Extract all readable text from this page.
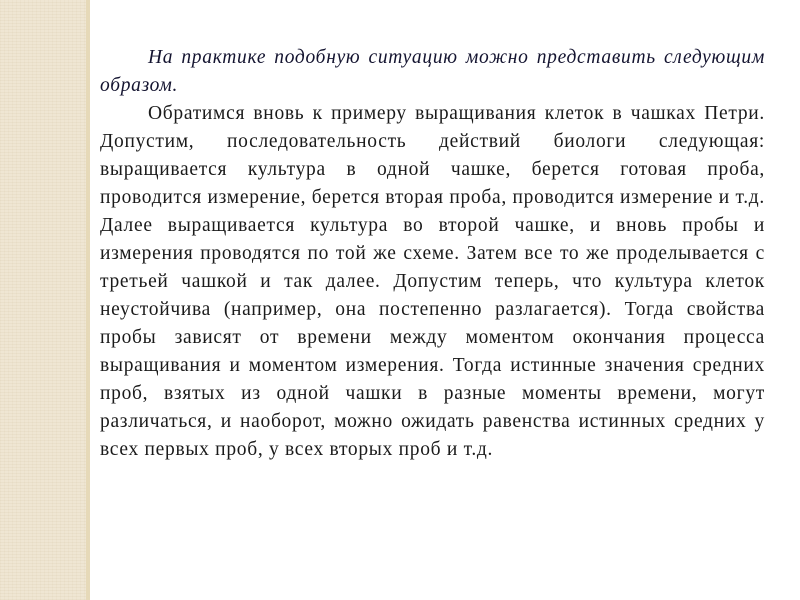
На практике подобную ситуацию можно представить следующим образом.

Обратимся вновь к примеру выращивания клеток в чашках Петри. Допустим, последовательность действий биологи следующая: выращивается культура в одной чашке, берется готовая проба, проводится измерение, берется вторая проба, проводится измерение и т.д. Далее выращивается культура во второй чашке, и вновь пробы и измерения проводятся по той же схеме. Затем все то же проделывается с третьей чашкой и так далее. Допустим теперь, что культура клеток неустойчива (например, она постепенно разлагается). Тогда свойства пробы зависят от времени между моментом окончания процесса выращивания и моментом измерения. Тогда истинные значения средних проб, взятых из одной чашки в разные моменты времени, могут различаться, и наоборот, можно ожидать равенства истинных средних у всех первых проб, у всех вторых проб и т.д.
